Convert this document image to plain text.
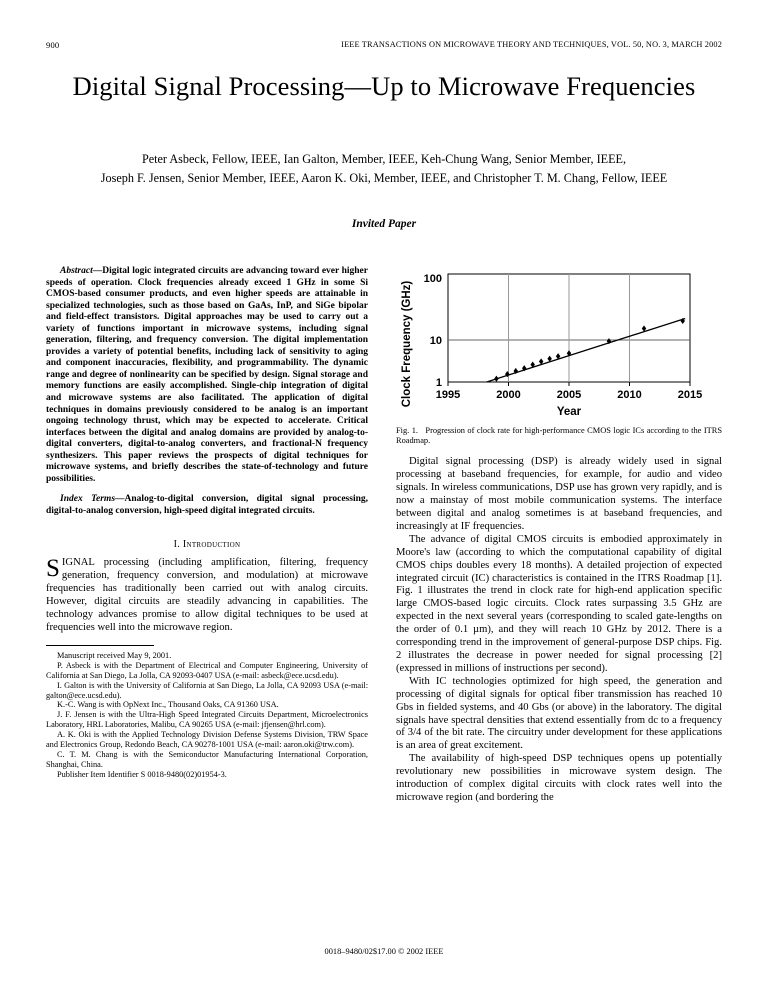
900	IEEE TRANSACTIONS ON MICROWAVE THEORY AND TECHNIQUES, VOL. 50, NO. 3, MARCH 2002
Digital Signal Processing—Up to Microwave Frequencies
Peter Asbeck, Fellow, IEEE, Ian Galton, Member, IEEE, Keh-Chung Wang, Senior Member, IEEE,
Joseph F. Jensen, Senior Member, IEEE, Aaron K. Oki, Member, IEEE, and Christopher T. M. Chang, Fellow, IEEE
Invited Paper

Abstract—Digital logic integrated circuits are advancing toward ever higher speeds of operation. Clock frequencies already exceed 1 GHz in some Si CMOS-based consumer products, and even higher speeds are attainable in specialized technologies, such as those based on GaAs, InP, and SiGe bipolar and field-effect transistors. Digital approaches may be used to carry out a variety of functions important in microwave systems, including signal generation, filtering, and frequency conversion. The digital implementation provides a variety of potential benefits, including lack of sensitivity to aging and component inaccuracies, flexibility, and programmability. The dynamic range and degree of nonlinearity can be specified by design. Signal storage and memory functions are easily accomplished. Single-chip integration of digital and microwave systems are also facilitated. The application of digital techniques in domains previously considered to be analog is an important ongoing technology thrust, which may be expected to accelerate. Critical interfaces between the digital and analog domains are provided by analog-to-digital converters, digital-to-analog converters, and fractional-N frequency synthesizers. This paper reviews the prospects of digital techniques for microwave systems, and briefly describes the state-of-technology and future possibilities.

Index Terms—Analog-to-digital conversion, digital signal processing, digital-to-analog conversion, high-speed digital integrated circuits.

I. Introduction

SIGNAL processing (including amplification, filtering, frequency generation, frequency conversion, and modulation) at microwave frequencies has traditionally been carried out with analog circuits. However, digital circuits are steadily advancing in capabilities. The technology advances promise to allow digital techniques to be used at frequencies well into the microwave region.

Manuscript received May 9, 2001.

P. Asbeck is with the Department of Electrical and Computer Engineering, University of California at San Diego, La Jolla, CA 92093-0407 USA (e-mail: asbeck@ece.ucsd.edu).

I. Galton is with the University of California at San Diego, La Jolla, CA 92093 USA (e-mail: galton@ece.ucsd.edu).

K.-C. Wang is with OpNext Inc., Thousand Oaks, CA 91360 USA.

J. F. Jensen is with the Ultra-High Speed Integrated Circuits Department, Microelectronics Laboratory, HRL Laboratories, Malibu, CA 90265 USA (e-mail: jfjensen@hrl.com).

A. K. Oki is with the Applied Technology Division Defense Systems Division, TRW Space and Electronics Group, Redondo Beach, CA 90278-1001 USA (e-mail: aaron.oki@trw.com).

C. T. M. Chang is with the Semiconductor Manufacturing International Corporation, Shanghai, China.

Publisher Item Identifier S 0018-9480(02)01954-3.

Clock Frequency (GHz)
100
10
1
1995	2000	2005	2010	2015
Year

Fig. 1. Progression of clock rate for high-performance CMOS logic ICs according to the ITRS Roadmap.

Digital signal processing (DSP) is already widely used in signal processing at baseband frequencies, for example, for audio and video signals. In wireless communications, DSP use has grown very rapidly, and is now a mainstay of most mobile communication systems. The interface between digital and analog sometimes is at baseband frequencies, and increasingly at IF frequencies.

The advance of digital CMOS circuits is embodied approximately in Moore's law (according to which the computational capability of digital CMOS chips doubles every 18 months). A detailed projection of expected integrated circuit (IC) characteristics is contained in the ITRS Roadmap [1]. Fig. 1 illustrates the trend in clock rate for high-end application specific large CMOS-based logic circuits. Clock rates surpassing 3.5 GHz are expected in the next several years (corresponding to scaled gate-lengths on the order of 0.1 µm), and they will reach 10 GHz by 2012. There is a corresponding trend in the improvement of general-purpose DSP chips. Fig. 2 illustrates the decrease in power needed for signal processing [2] (expressed in millions of instructions per second).

With IC technologies optimized for high speed, the generation and processing of digital signals for optical fiber transmission has reached 10 Gbs in fielded systems, and 40 Gbs (or above) in the laboratory. The digital signals have spectral densities that extend essentially from dc to a frequency of 3/4 of the bit rate. The circuitry under development for these applications is an area of great excitement.

The availability of high-speed DSP techniques opens up potentially revolutionary new possibilities in microwave system design. The introduction of complex digital circuits with clock rates well into the microwave region (and bordering the

0018–9480/02$17.00 © 2002 IEEE
